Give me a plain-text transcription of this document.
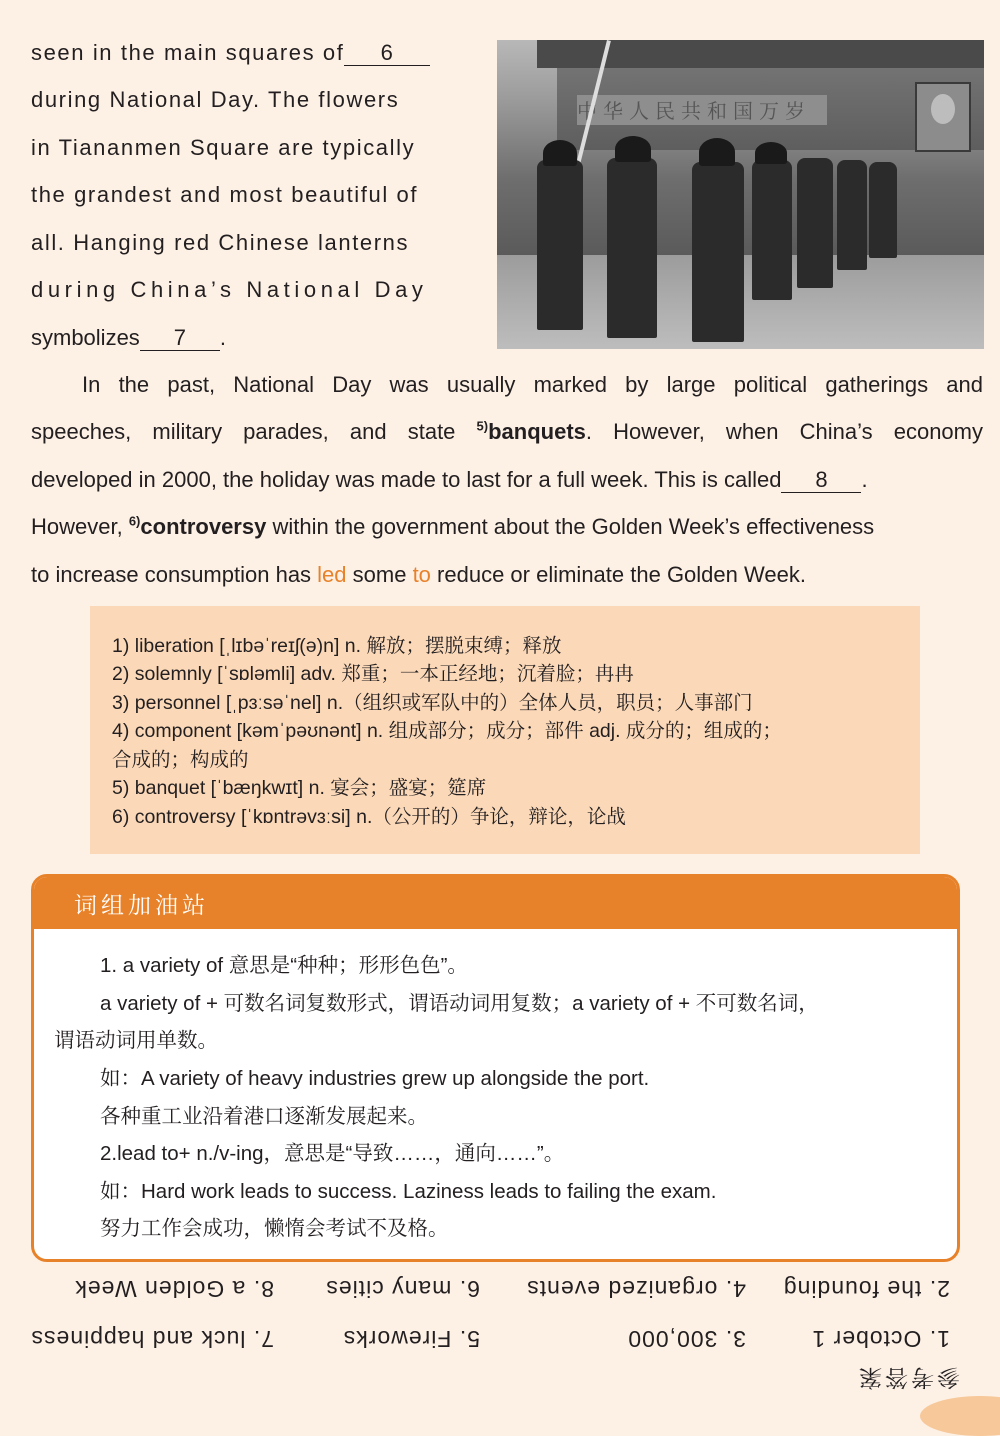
seen in the main squares of 6
during National Day. The flowers
in Tiananmen Square are typically
the grandest and most beautiful of
all. Hanging red Chinese lanterns
during China’s National Day
symbolizes 7 .
中华人民共和国万岁
In the past, National Day was usually marked by large political gatherings and
speeches, military parades, and state $^{5)}$banquets. However, when China’s economy
developed in 2000, the holiday was made to last for a full week. This is called 8 .
However, $^{6)}$controversy within the government about the Golden Week’s effectiveness
to increase consumption has led some to reduce or eliminate the Golden Week.
1) liberation [ˌlɪbəˈreɪʃ(ə)n] n. 解放；摆脱束缚；释放
2) solemnly [ˈsɒləmli] adv. 郑重；一本正经地；沉着脸；冉冉
3) personnel [ˌpɜːsəˈnel] n.（组织或军队中的）全体人员，职员；人事部门
4) component [kəmˈpəʊnənt] n. 组成部分；成分；部件 adj. 成分的；组成的；
合成的；构成的
5) banquet [ˈbæŋkwɪt] n. 宴会；盛宴；筵席
6) controversy [ˈkɒntrəvɜːsi] n.（公开的）争论，辩论，论战
词组加油站
1. a variety of 意思是“种种；形形色色”。
a variety of + 可数名词复数形式，谓语动词用复数；a variety of + 不可数名词，
谓语动词用单数。
如：A variety of heavy industries grew up alongside the port.
各种重工业沿着港口逐渐发展起来。
2.lead to+ n./v-ing，意思是“导致……，通向……”。
如：Hard work leads to success. Laziness leads to failing the exam.
努力工作会成功，懒惰会考试不及格。
参考答案
1. October 1
3. 300,000
5. Fireworks
7. luck and happiness
2. the founding
4. organized events
6. many cities
8. a Golden Week
